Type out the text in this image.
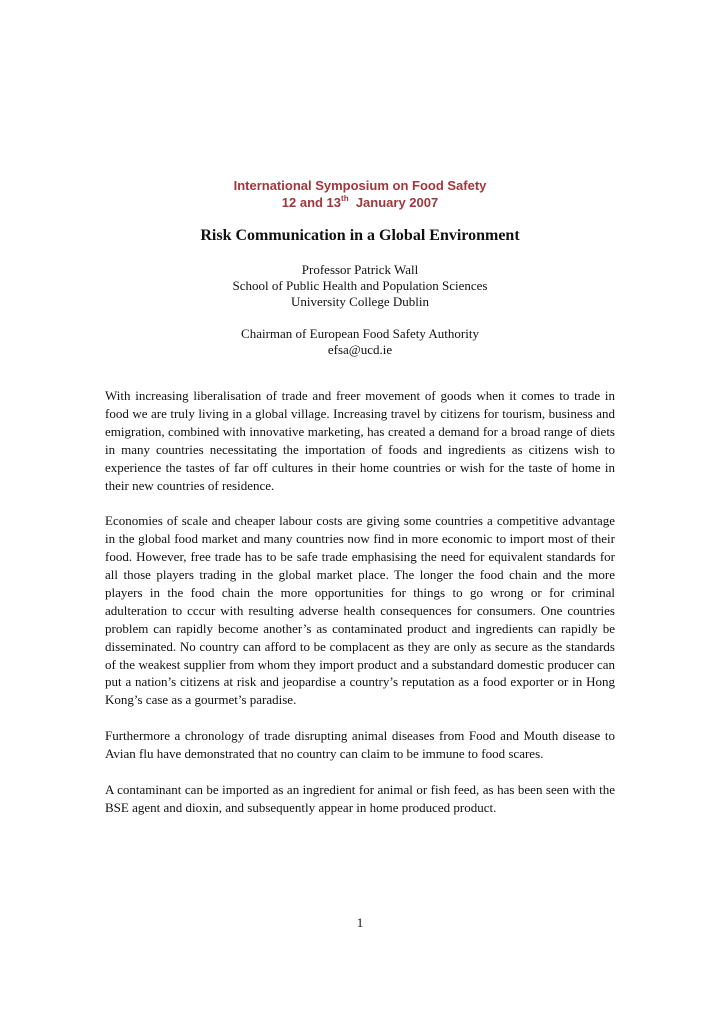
International Symposium on Food Safety
12 and 13th  January 2007
Risk Communication in a Global Environment
Professor Patrick Wall
School of Public Health and Population Sciences
University College Dublin
Chairman of European Food Safety Authority
efsa@ucd.ie

With increasing liberalisation of trade and freer movement of goods when it comes to trade in food we are truly living in a global village. Increasing travel by citizens for tourism, business and emigration, combined with innovative marketing, has created a demand for a broad range of diets in many countries necessitating the importation of foods and ingredients as citizens wish to experience the tastes of far off cultures in their home countries or wish for the taste of home in their new countries of residence.

Economies of scale and cheaper labour costs are giving some countries a competitive advantage in the global food market and many countries now find in more economic to import most of their food. However, free trade has to be safe trade emphasising the need for equivalent standards for all those players trading in the global market place. The longer the food chain and the more players in the food chain the more opportunities for things to go wrong or for criminal adulteration to cccur with resulting adverse health consequences for consumers. One countries problem can rapidly become another’s as contaminated product and ingredients can rapidly be disseminated. No country can afford to be complacent as they are only as secure as the standards of the weakest supplier from whom they import product and a substandard domestic producer can put a nation’s citizens at risk and jeopardise a country’s reputation as a food exporter or in Hong Kong’s case as a gourmet’s paradise.

Furthermore a chronology of trade disrupting animal diseases from Food and Mouth disease to Avian flu have demonstrated that no country can claim to be immune to food scares.

A contaminant can be imported as an ingredient for animal or fish feed, as has been seen with the BSE agent and dioxin, and subsequently appear in home produced product.

1
